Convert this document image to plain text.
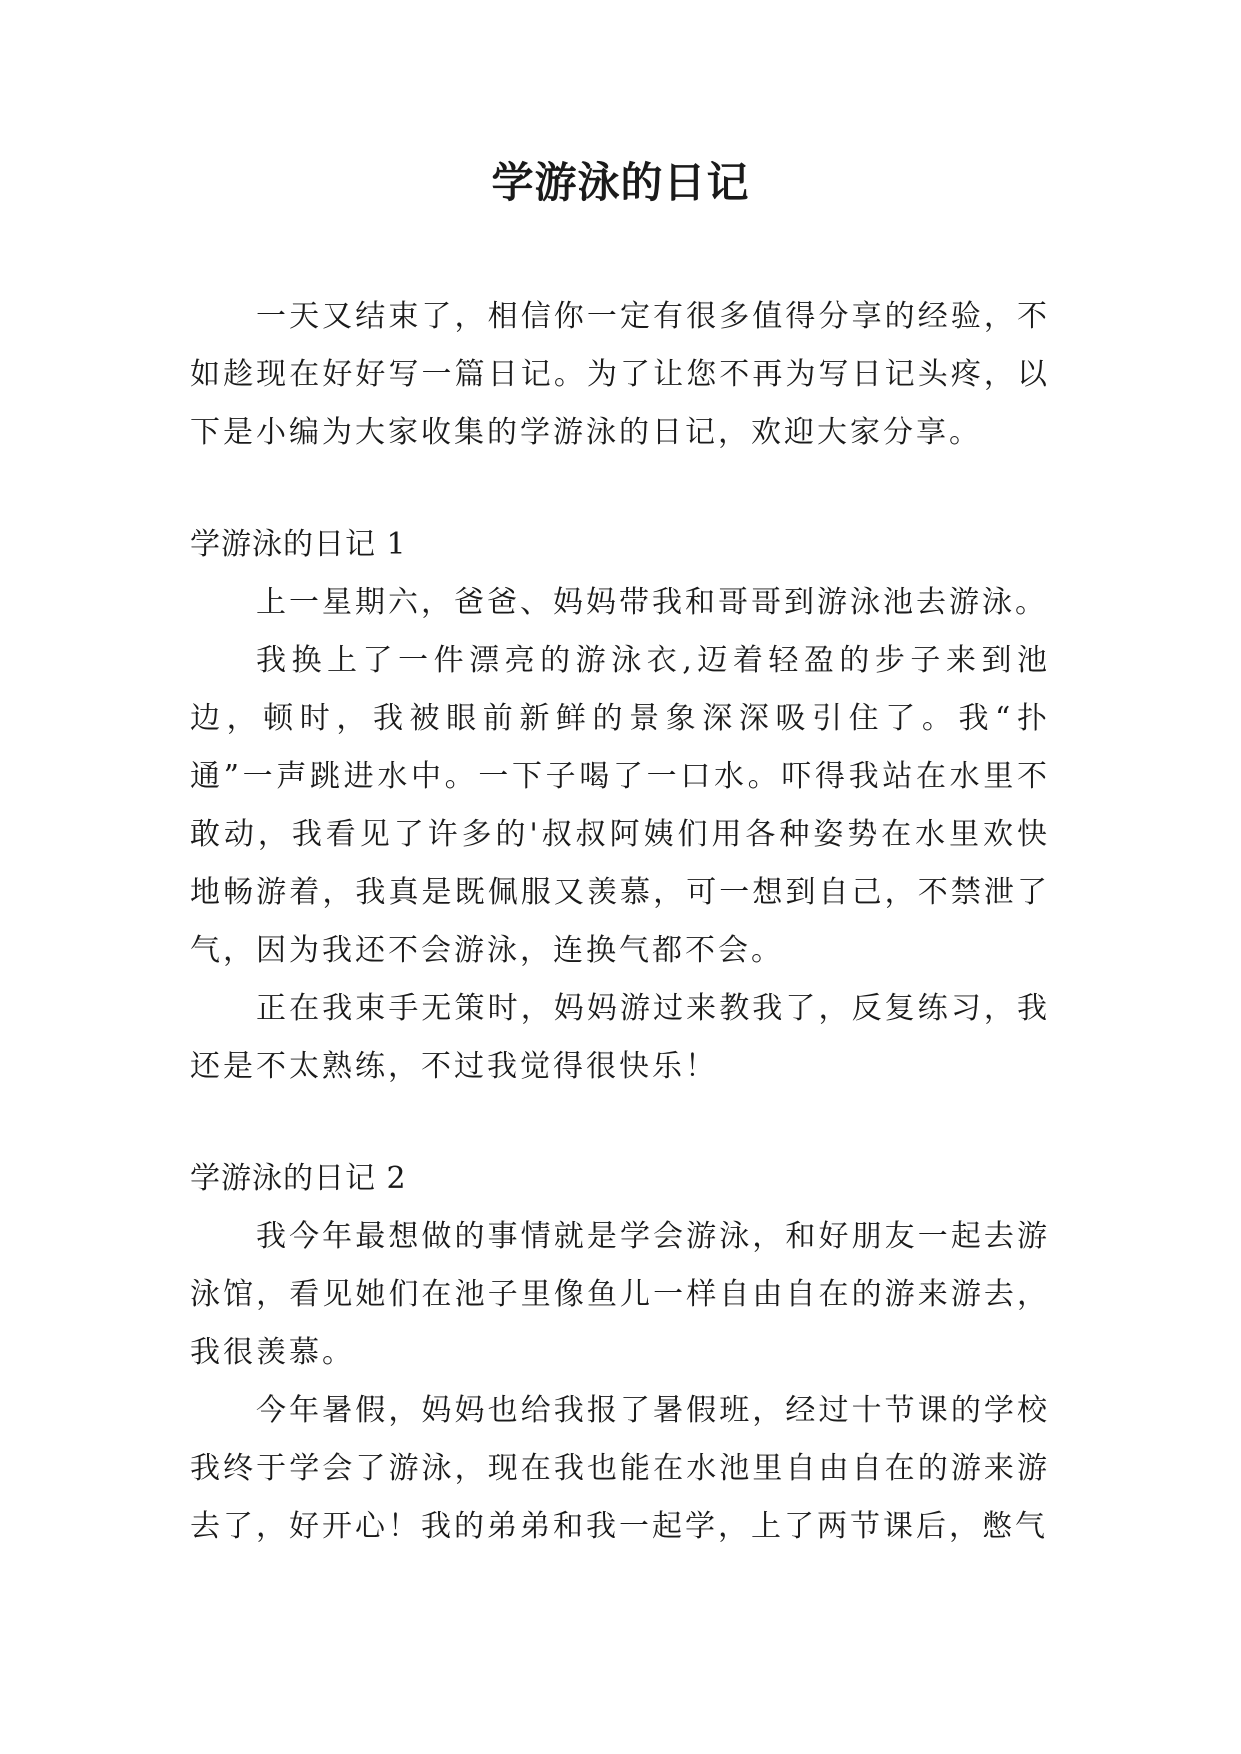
学游泳的日记

一天又结束了，相信你一定有很多值得分享的经验，不如趁现在好好写一篇日记。为了让您不再为写日记头疼，以下是小编为大家收集的学游泳的日记，欢迎大家分享。

学游泳的日记 1

上一星期六，爸爸、妈妈带我和哥哥到游泳池去游泳。

我换上了一件漂亮的游泳衣,迈着轻盈的步子来到池边，顿时，我被眼前新鲜的景象深深吸引住了。我“扑通”一声跳进水中。一下子喝了一口水。吓得我站在水里不敢动，我看见了许多的'叔叔阿姨们用各种姿势在水里欢快地畅游着，我真是既佩服又羡慕，可一想到自己，不禁泄了气，因为我还不会游泳，连换气都不会。

正在我束手无策时，妈妈游过来教我了，反复练习，我还是不太熟练，不过我觉得很快乐！

学游泳的日记 2

我今年最想做的事情就是学会游泳，和好朋友一起去游泳馆，看见她们在池子里像鱼儿一样自由自在的游来游去，我很羡慕。

今年暑假，妈妈也给我报了暑假班，经过十节课的学校我终于学会了游泳，现在我也能在水池里自由自在的游来游去了，好开心！我的弟弟和我一起学，上了两节课后，憋气
